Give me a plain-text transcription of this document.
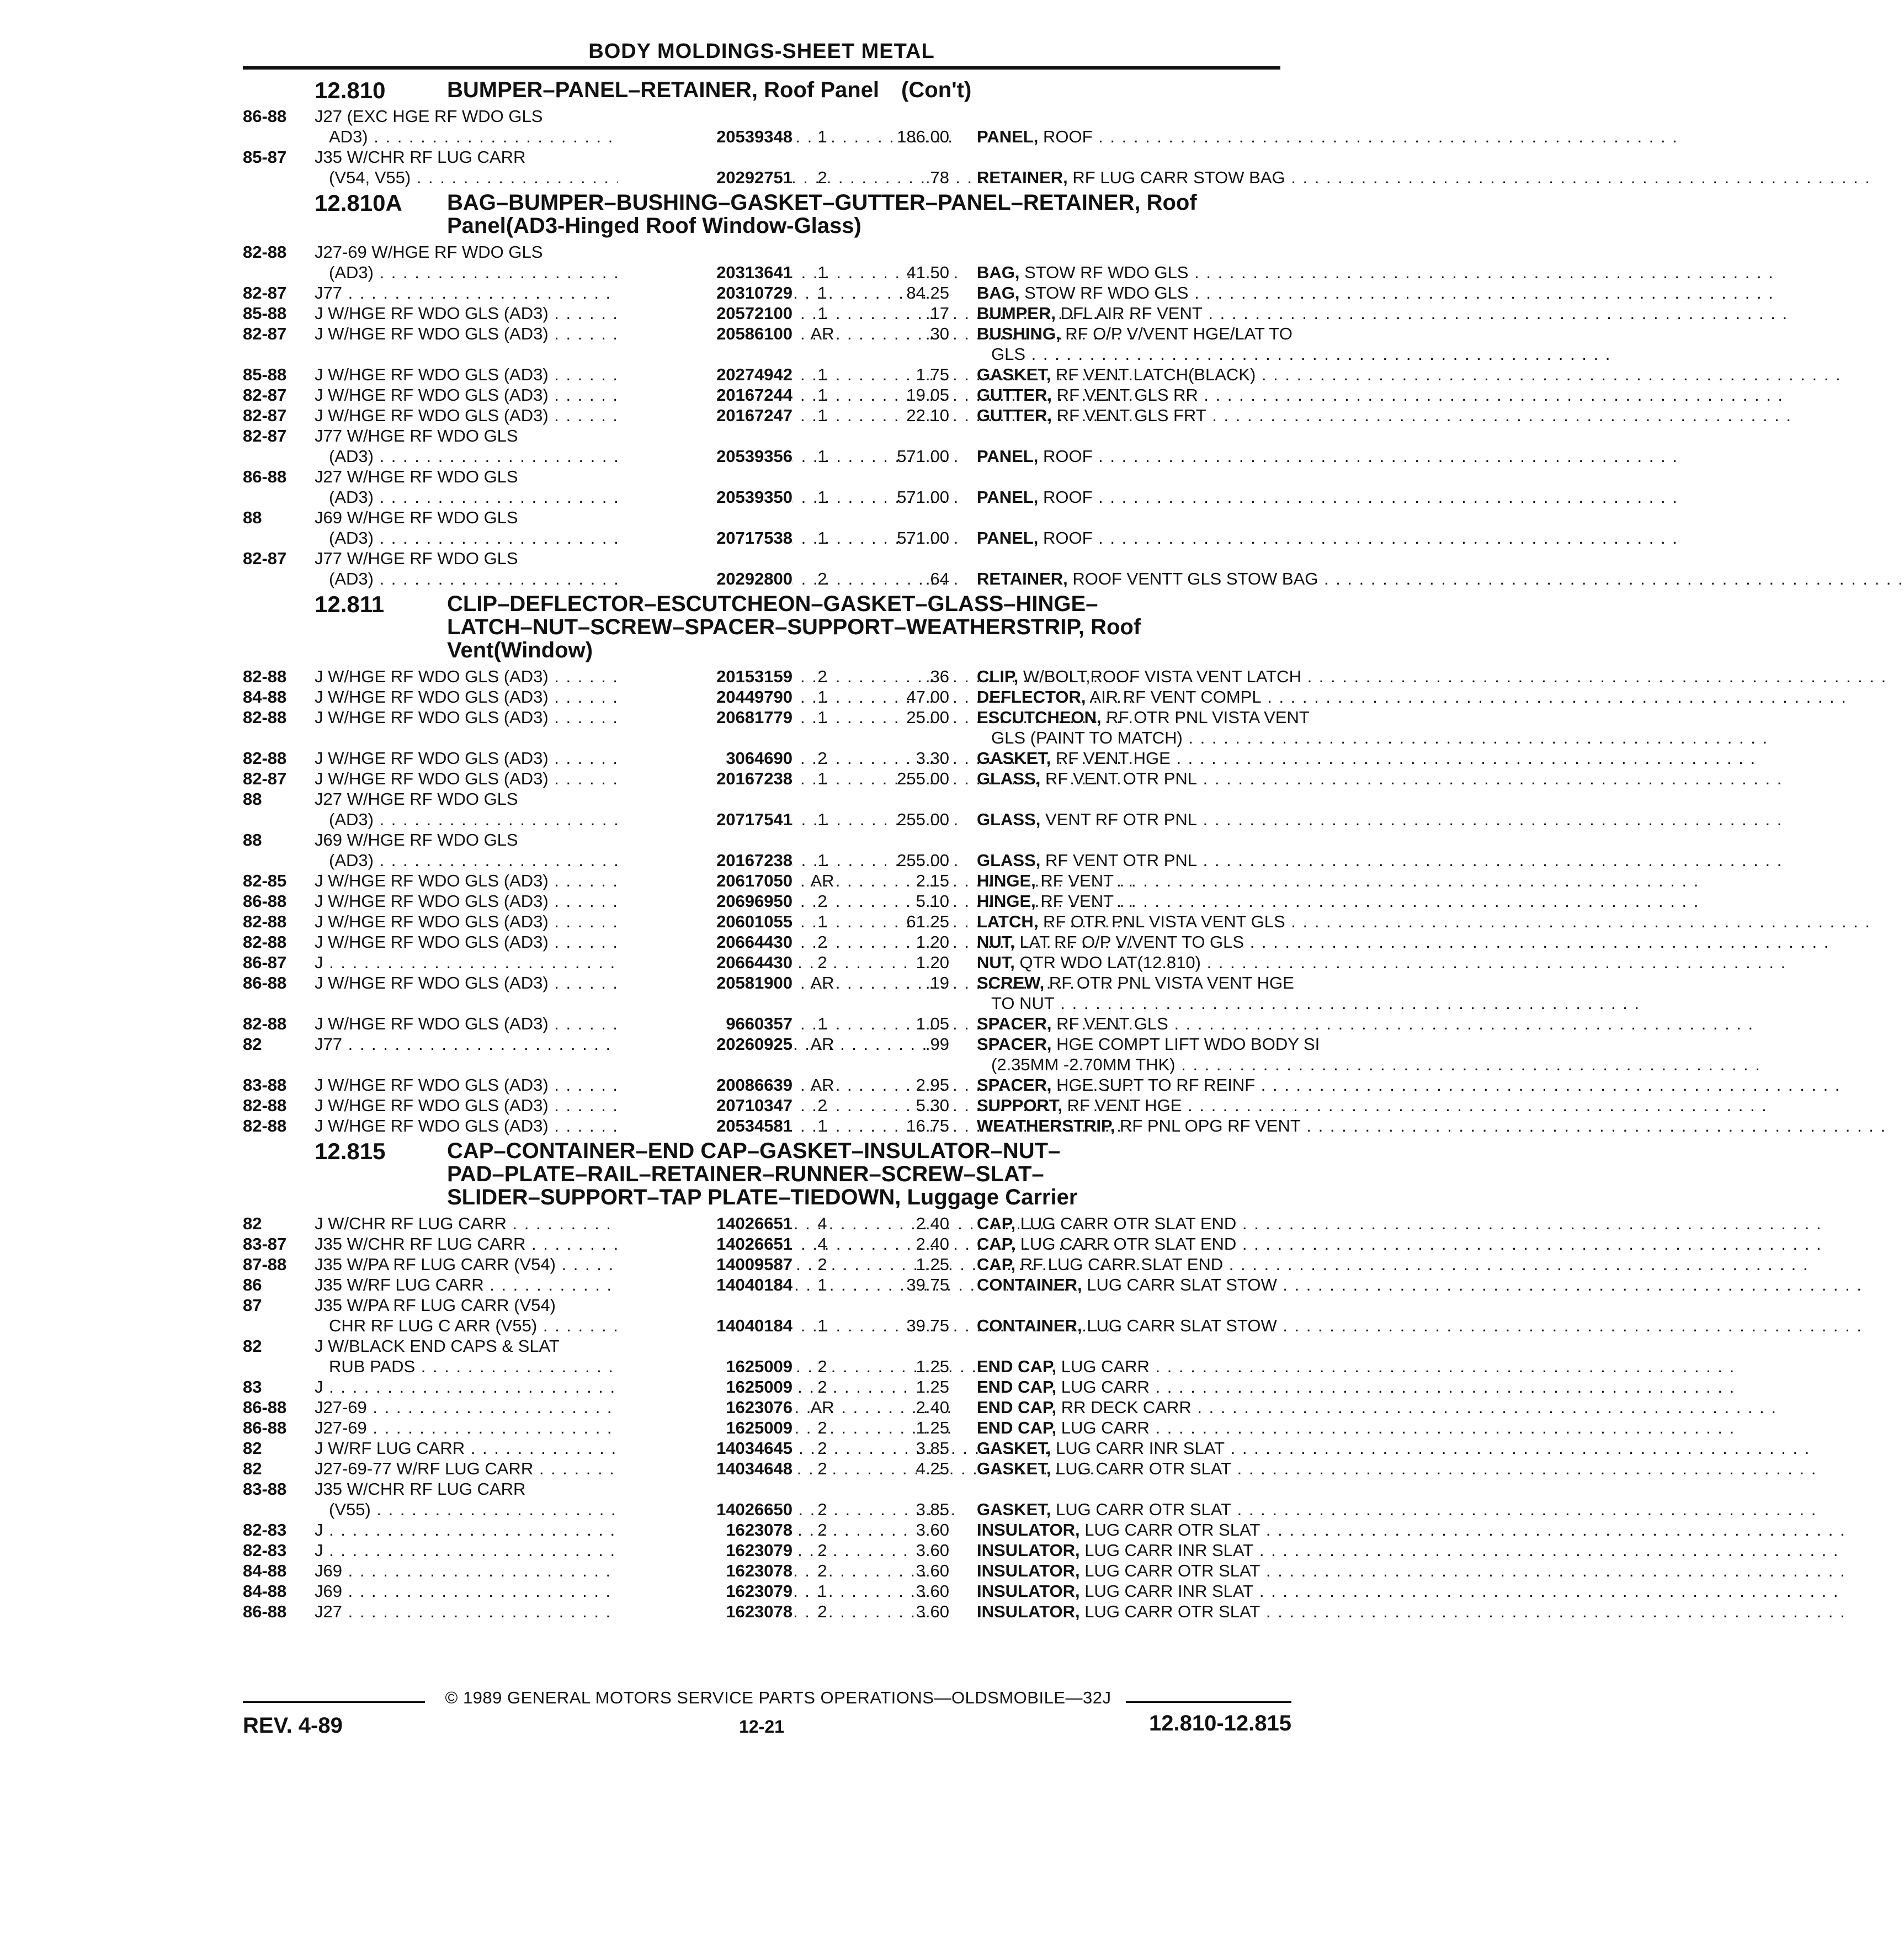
BODY MOLDINGS-SHEET METAL
12.810	BUMPER–PANEL–RETAINER, Roof Panel (Con't)
86-88	J27 (EXC HGE RF WDO GLS
AD3) . . .	20539348	1	186.00 PANEL, ROOF . . .
85-87	J35 W/CHR RF LUG CARR
(V54, V55) . . .	20292751	2	.78 RETAINER, RF LUG CARR STOW BAG . . .
12.810A BAG–BUMPER–BUSHING–GASKET–GUTTER–PANEL–RETAINER, Roof
Panel(AD3-Hinged Roof Window-Glass)
82-88	J27-69 W/HGE RF WDO GLS
(AD3) . . .	20313641	1	41.50 BAG, STOW RF WDO GLS . . .
82-87	J77 . . .	20310729	1	84.25 BAG, STOW RF WDO GLS . . .
85-88	J W/HGE RF WDO GLS (AD3) . . .	20572100	1	.17 BUMPER, DFL AIR RF VENT . . .
82-87	J W/HGE RF WDO GLS (AD3) . . .	20586100	AR	.30 BUSHING, RF O/P V/VENT HGE/LAT TO
GLS . . .
85-88	J W/HGE RF WDO GLS (AD3) . . .	20274942	1	1.75 GASKET, RF VENT LATCH(BLACK) . . .
82-87	J W/HGE RF WDO GLS (AD3) . . .	20167244	1	19.05 GUTTER, RF VENT GLS RR . . .
82-87	J W/HGE RF WDO GLS (AD3) . . .	20167247	1	22.10 GUTTER, RF VENT GLS FRT . . .
82-87	J77 W/HGE RF WDO GLS
(AD3) . . .	20539356	1	571.00 PANEL, ROOF . . .
86-88	J27 W/HGE RF WDO GLS
(AD3) . . .	20539350	1	571.00 PANEL, ROOF . . .
88	J69 W/HGE RF WDO GLS
(AD3) . . .	20717538	1	571.00 PANEL, ROOF . . .
82-87	J77 W/HGE RF WDO GLS
(AD3) . . .	20292800	2	.64 RETAINER, ROOF VENTT GLS STOW BAG . . .
12.811	CLIP–DEFLECTOR–ESCUTCHEON–GASKET–GLASS–HINGE–
LATCH–NUT–SCREW–SPACER–SUPPORT–WEATHERSTRIP, Roof
Vent(Window)
82-88	J W/HGE RF WDO GLS (AD3) . . .	20153159	2	.36 CLIP, W/BOLT,ROOF VISTA VENT LATCH . . .
84-88	J W/HGE RF WDO GLS (AD3) . . .	20449790	1	47.00 DEFLECTOR, AIR RF VENT COMPL . . .
82-88	J W/HGE RF WDO GLS (AD3) . . .	20681779	1	25.00 ESCUTCHEON, RF OTR PNL VISTA VENT
GLS (PAINT TO MATCH) . . .
82-88	J W/HGE RF WDO GLS (AD3) . . .	3064690	2	3.30 GASKET, RF VENT HGE . . .
82-87	J W/HGE RF WDO GLS (AD3) . . .	20167238	1	255.00 GLASS, RF VENT OTR PNL . . .
88	J27 W/HGE RF WDO GLS
(AD3) . . .	20717541	1	255.00 GLASS, VENT RF OTR PNL . . .
88	J69 W/HGE RF WDO GLS
(AD3) . . .	20167238	1	255.00 GLASS, RF VENT OTR PNL . . .
82-85	J W/HGE RF WDO GLS (AD3) . . .	20617050	AR	2.15 HINGE, RF VENT . . .
86-88	J W/HGE RF WDO GLS (AD3) . . .	20696950	2	5.10 HINGE, RF VENT . . .
82-88	J W/HGE RF WDO GLS (AD3) . . .	20601055	1	61.25 LATCH, RF OTR PNL VISTA VENT GLS . . .
82-88	J W/HGE RF WDO GLS (AD3) . . .	20664430	2	1.20 NUT, LAT RF O/P V/VENT TO GLS . . .
86-87	J . . .	20664430	2	1.20 NUT, QTR WDO LAT(12.810) . . .
86-88	J W/HGE RF WDO GLS (AD3) . . .	20581900	AR	.19 SCREW, RF OTR PNL VISTA VENT HGE
TO NUT . . .
82-88	J W/HGE RF WDO GLS (AD3) . . .	9660357	1	1.05 SPACER, RF VENT GLS . . .
82	J77 . . .	20260925	AR	.99 SPACER, HGE COMPT LIFT WDO BODY SI
(2.35MM -2.70MM THK) . . .
83-88	J W/HGE RF WDO GLS (AD3) . . .	20086639	AR	2.95 SPACER, HGE SUPT TO RF REINF . . .
82-88	J W/HGE RF WDO GLS (AD3) . . .	20710347	2	5.30 SUPPORT, RF VENT HGE . . .
82-88	J W/HGE RF WDO GLS (AD3) . . .	20534581	1	16.75 WEATHERSTRIP, RF PNL OPG RF VENT . . .
12.815	CAP–CONTAINER–END CAP–GASKET–INSULATOR–NUT–
PAD–PLATE–RAIL–RETAINER–RUNNER–SCREW–SLAT–
SLIDER–SUPPORT–TAP PLATE–TIEDOWN, Luggage Carrier
82	J W/CHR RF LUG CARR . . .	14026651	4	2.40 CAP, LUG CARR OTR SLAT END . . .
83-87	J35 W/CHR RF LUG CARR . . .	14026651	4	2.40 CAP, LUG CARR OTR SLAT END . . .
87-88	J35 W/PA RF LUG CARR (V54) . . .	14009587	2	1.25 CAP, RF LUG CARR SLAT END . . .
86	J35 W/RF LUG CARR . . .	14040184	1	39.75 CONTAINER, LUG CARR SLAT STOW . . .
87	J35 W/PA RF LUG CARR (V54)
CHR RF LUG C ARR (V55) . . .	14040184	1	39.75 CONTAINER, LUG CARR SLAT STOW . . .
82	J W/BLACK END CAPS & SLAT
RUB PADS . . .	1625009	2	1.25 END CAP, LUG CARR . . .
83	J . . .	1625009	2	1.25 END CAP, LUG CARR . . .
86-88	J27-69 . . .	1623076	AR	2.40 END CAP, RR DECK CARR . . .
86-88	J27-69 . . .	1625009	2	1.25 END CAP, LUG CARR . . .
82	J W/RF LUG CARR . . .	14034645	2	3.85 GASKET, LUG CARR INR SLAT . . .
82	J27-69-77 W/RF LUG CARR . . .	14034648	2	4.25 GASKET, LUG CARR OTR SLAT . . .
83-88	J35 W/CHR RF LUG CARR
(V55) . . .	14026650	2	3.85 GASKET, LUG CARR OTR SLAT . . .
82-83	J . . .	1623078	2	3.60 INSULATOR, LUG CARR OTR SLAT . . .
82-83	J . . .	1623079	2	3.60 INSULATOR, LUG CARR INR SLAT . . .
84-88	J69 . . .	1623078	2	3.60 INSULATOR, LUG CARR OTR SLAT . . .
84-88	J69 . . .	1623079	1	3.60 INSULATOR, LUG CARR INR SLAT . . .
86-88	J27 . . .	1623078	2	3.60 INSULATOR, LUG CARR OTR SLAT . . .
© 1989 GENERAL MOTORS SERVICE PARTS OPERATIONS—OLDSMOBILE—32J
REV. 4-89	12-21	12.810-12.815
